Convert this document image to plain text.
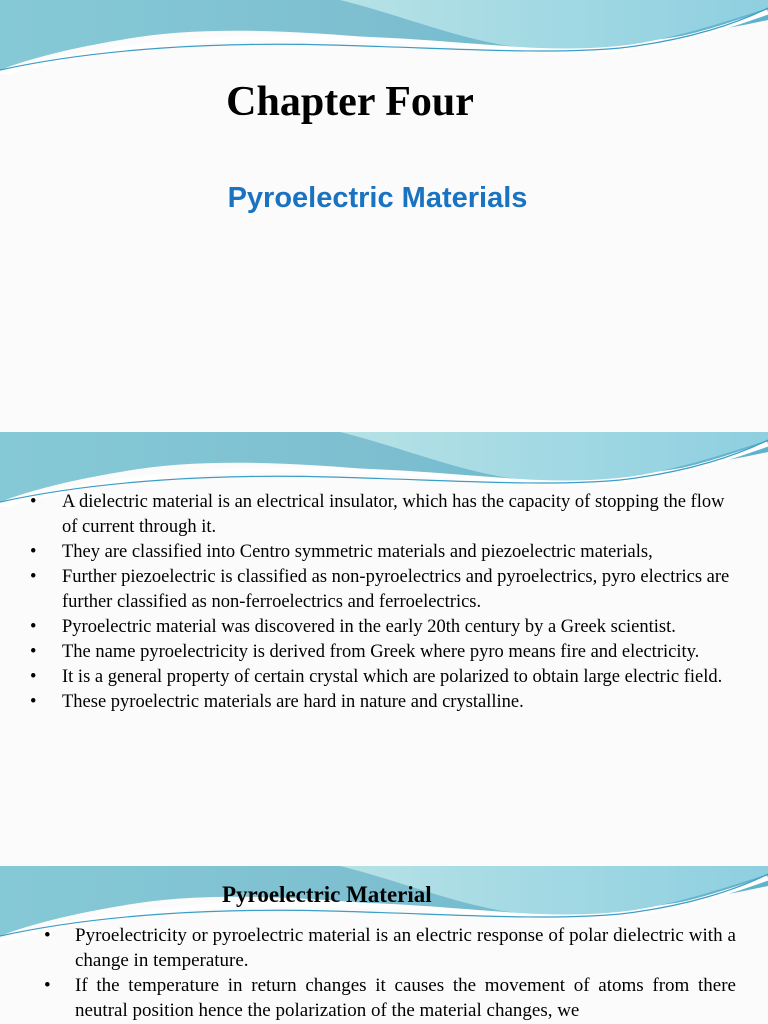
Chapter Four
Pyroelectric Materials
• A dielectric material is an electrical insulator, which has the capacity of stopping the flow of current through it.
• They are classified into Centro symmetric materials and piezoelectric materials,
• Further piezoelectric is classified as non-pyroelectrics and pyroelectrics, pyro electrics are further classified as non-ferroelectrics and ferroelectrics.
• Pyroelectric material was discovered in the early 20th century by a Greek scientist.
• The name pyroelectricity is derived from Greek where pyro means fire and electricity.
• It is a general property of certain crystal which are polarized to obtain large electric field.
• These pyroelectric materials are hard in nature and crystalline.
Pyroelectric Material
• Pyroelectricity or pyroelectric material is an electric response of polar dielectric with a change in temperature.
• If the temperature in return changes it causes the movement of atoms from there neutral position hence the polarization of the material changes, we
